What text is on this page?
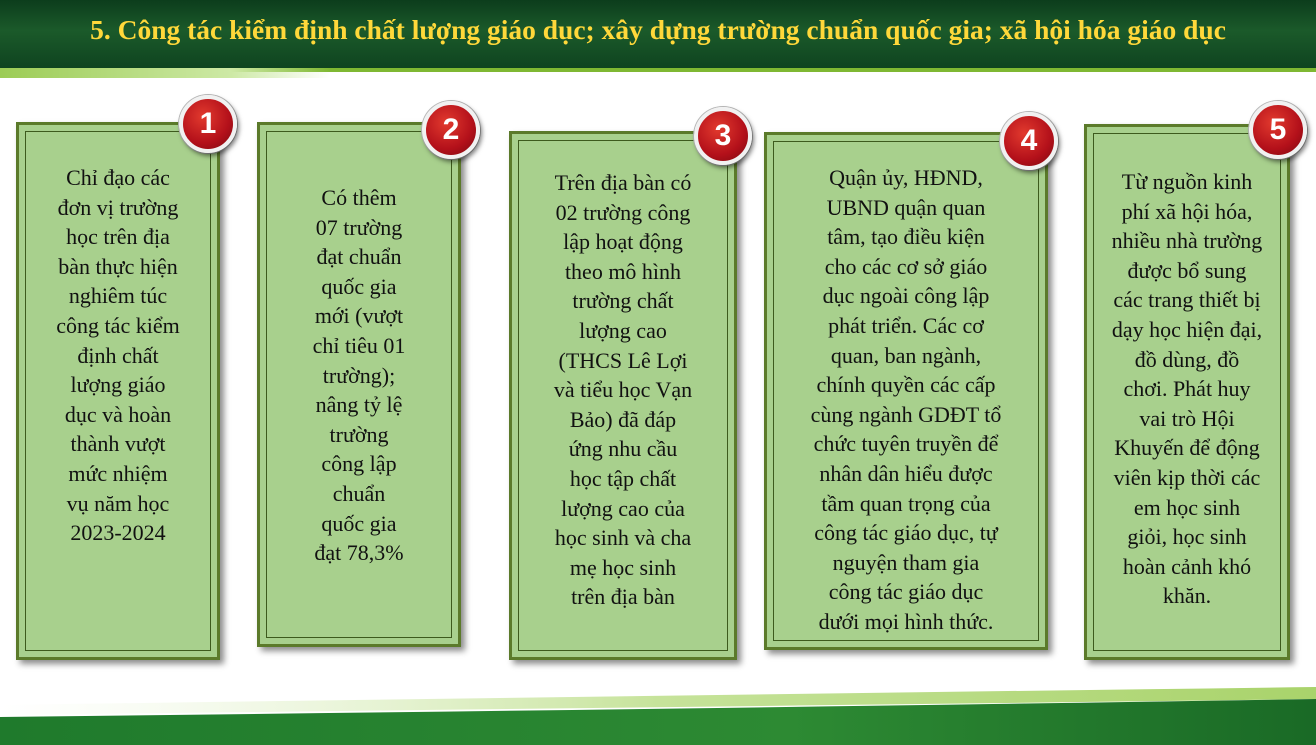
5. Công tác kiểm định chất lượng giáo dục; xây dựng trường chuẩn quốc gia; xã hội hóa giáo dục
Chỉ đạo các
đơn vị trường
học trên địa
bàn thực hiện
nghiêm túc
công tác kiểm
định chất
lượng giáo
dục và hoàn
thành vượt
mức nhiệm
vụ năm học
2023-2024
1
Có thêm
07 trường
đạt chuẩn
quốc gia
mới (vượt
chỉ tiêu 01
trường);
nâng tỷ lệ
trường
công lập
chuẩn
quốc gia
đạt 78,3%
2
Trên địa bàn có
02 trường công
lập hoạt động
theo mô hình
trường chất
lượng cao
(THCS Lê Lợi
và tiểu học Vạn
Bảo) đã đáp
ứng nhu cầu
học tập chất
lượng cao của
học sinh và cha
mẹ học sinh
trên địa bàn
3
Quận ủy, HĐND,
UBND quận quan
tâm, tạo điều kiện
cho các cơ sở giáo
dục ngoài công lập
phát triển. Các cơ
quan, ban ngành,
chính quyền các cấp
cùng ngành GDĐT tổ
chức tuyên truyền để
nhân dân hiểu được
tầm quan trọng của
công tác giáo dục, tự
nguyện tham gia
công tác giáo dục
dưới mọi hình thức.
4
Từ nguồn kinh
phí xã hội hóa,
nhiều nhà trường
được bổ sung
các trang thiết bị
dạy học hiện đại,
đồ dùng, đồ
chơi. Phát huy
vai trò Hội
Khuyến để động
viên kịp thời các
em học sinh
giỏi, học sinh
hoàn cảnh khó
khăn.
5
